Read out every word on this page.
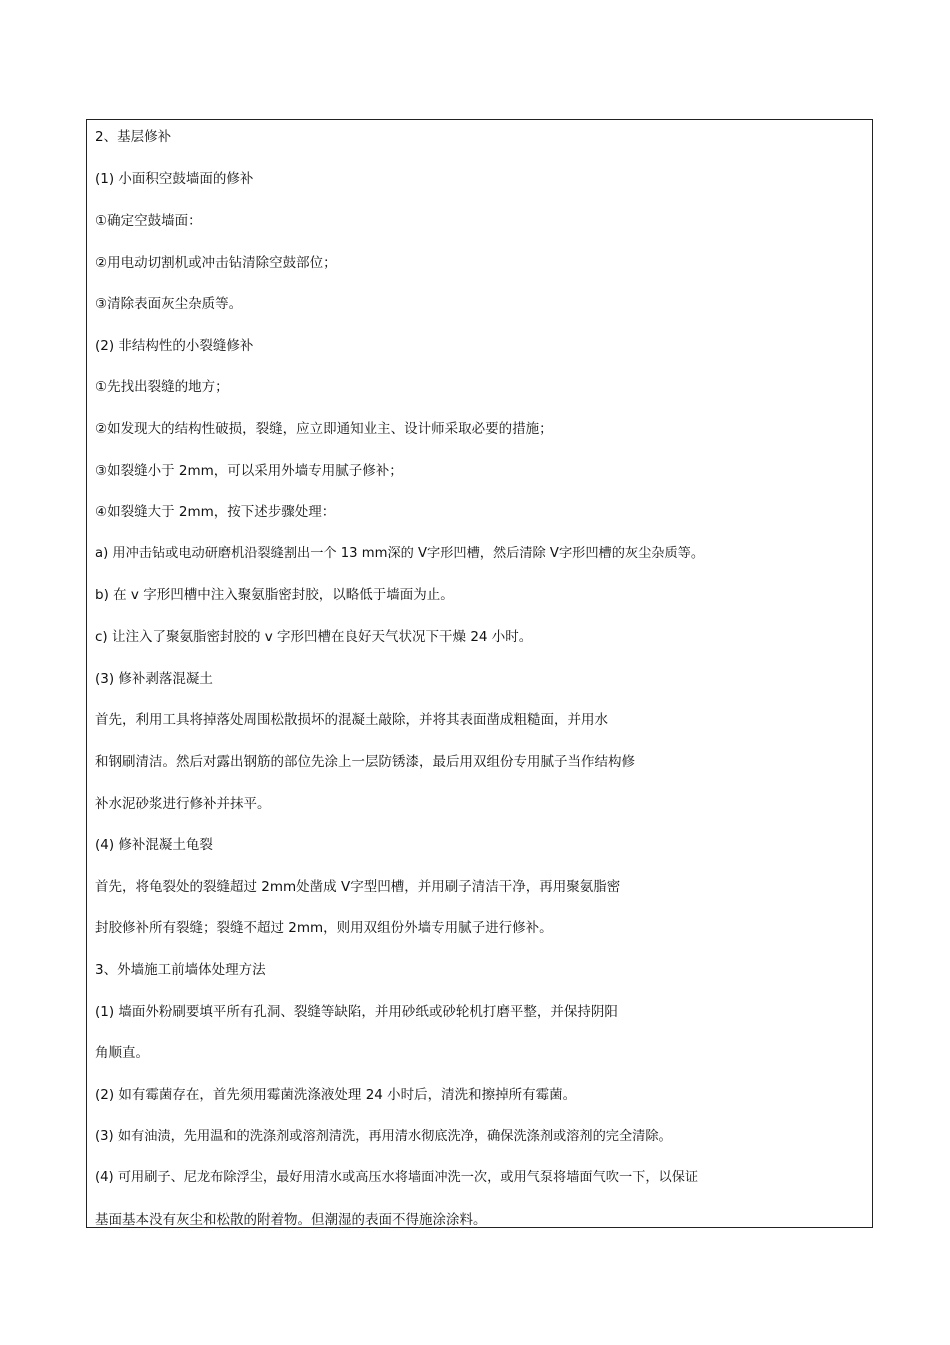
2、基层修补
(1) 小面积空鼓墙面的修补
①确定空鼓墙面：
②用电动切割机或冲击钻清除空鼓部位；
③清除表面灰尘杂质等。
(2) 非结构性的小裂缝修补
①先找出裂缝的地方；
②如发现大的结构性破损，裂缝，应立即通知业主、设计师采取必要的措施；
③如裂缝小于 2mm，可以采用外墙专用腻子修补；
④如裂缝大于 2mm，按下述步骤处理：
a) 用冲击钻或电动研磨机沿裂缝割出一个 13 mm深的 V字形凹槽，然后清除 V字形凹槽的灰尘杂质等。
b) 在 v 字形凹槽中注入聚氨脂密封胶，以略低于墙面为止。
c) 让注入了聚氨脂密封胶的 v 字形凹槽在良好天气状况下干燥 24 小时。
(3) 修补剥落混凝土
首先，利用工具将掉落处周围松散损坏的混凝土敲除，并将其表面凿成粗糙面，并用水
和钢刷清洁。然后对露出钢筋的部位先涂上一层防锈漆，最后用双组份专用腻子当作结构修
补水泥砂浆进行修补并抹平。
(4) 修补混凝土龟裂
首先，将龟裂处的裂缝超过 2mm处凿成 V字型凹槽，并用刷子清洁干净，再用聚氨脂密
封胶修补所有裂缝；裂缝不超过 2mm，则用双组份外墙专用腻子进行修补。
3、外墙施工前墙体处理方法
(1) 墙面外粉刷要填平所有孔洞、裂缝等缺陷，并用砂纸或砂轮机打磨平整，并保持阴阳
角顺直。
(2) 如有霉菌存在，首先须用霉菌洗涤液处理 24 小时后，清洗和擦掉所有霉菌。
(3) 如有油渍，先用温和的洗涤剂或溶剂清洗，再用清水彻底洗净，确保洗涤剂或溶剂的完全清除。
(4) 可用刷子、尼龙布除浮尘，最好用清水或高压水将墙面冲洗一次，或用气泵将墙面气吹一下，以保证
基面基本没有灰尘和松散的附着物。但潮湿的表面不得施涂涂料。
